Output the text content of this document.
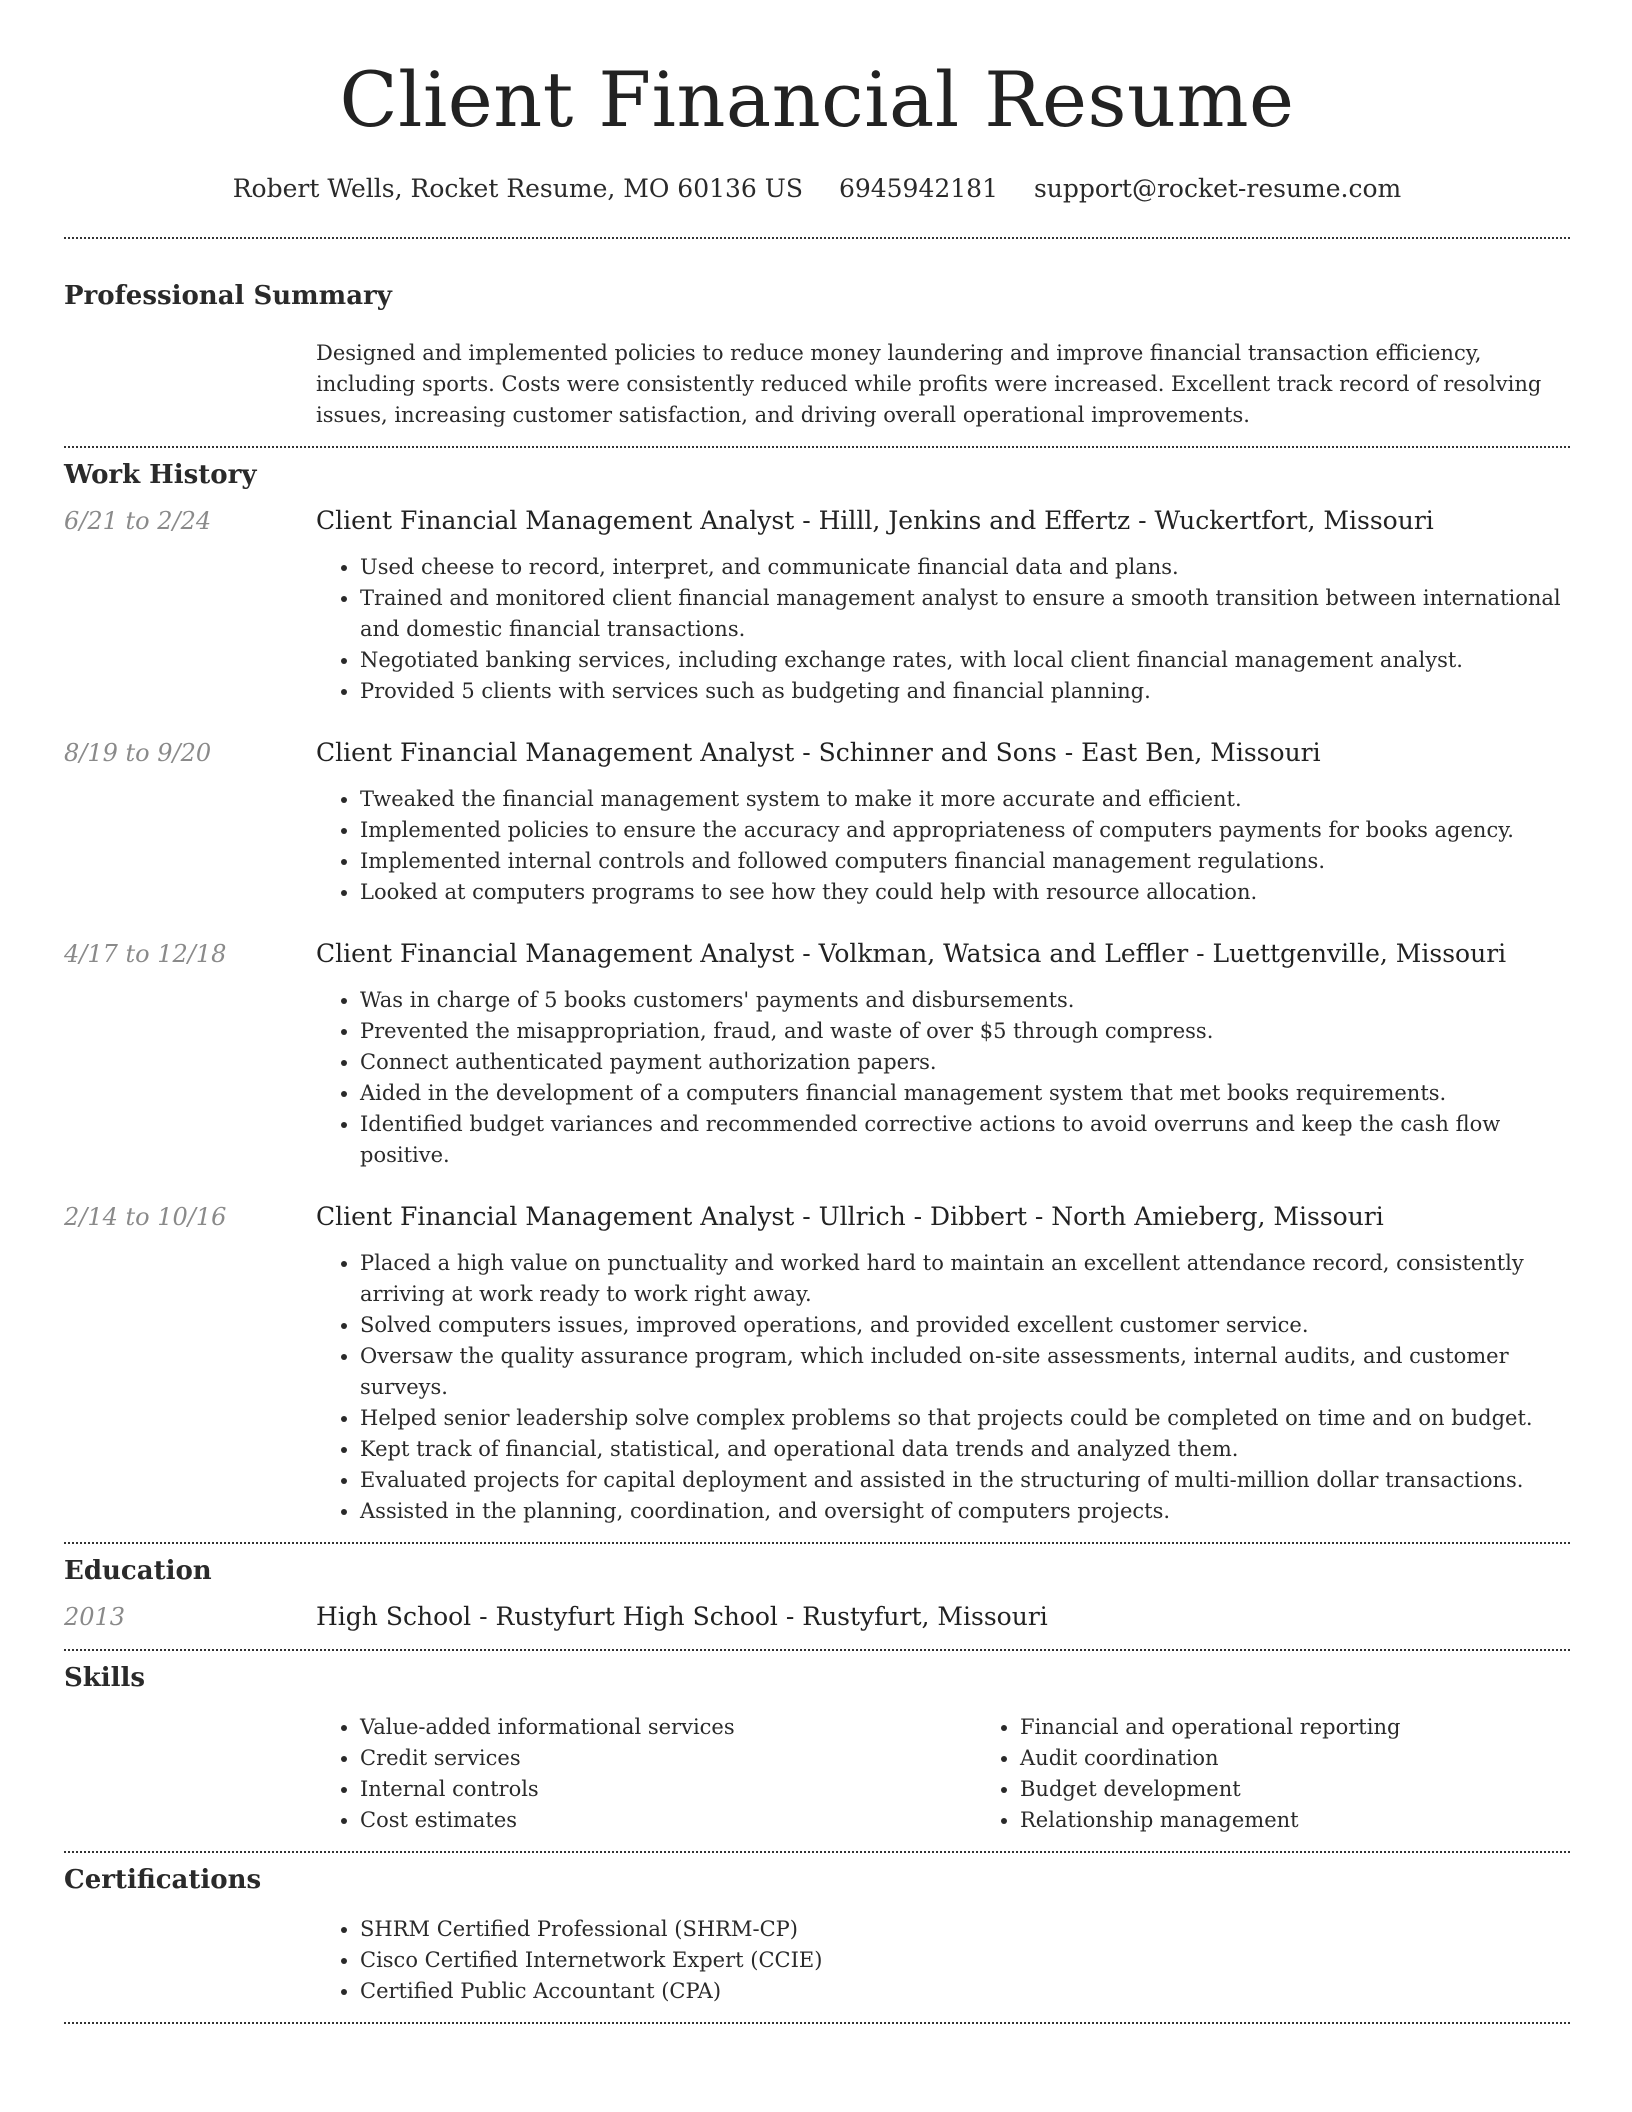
Client Financial Resume
Robert Wells, Rocket Resume, MO 60136 US 6945942181 support@rocket-resume.com
Professional Summary
Designed and implemented policies to reduce money laundering and improve financial transaction efficiency, including sports. Costs were consistently reduced while profits were increased. Excellent track record of resolving issues, increasing customer satisfaction, and driving overall operational improvements.
Work History
6/21 to 2/24	Client Financial Management Analyst - Hilll, Jenkins and Effertz - Wuckertfort, Missouri
• Used cheese to record, interpret, and communicate financial data and plans.
• Trained and monitored client financial management analyst to ensure a smooth transition between international and domestic financial transactions.
• Negotiated banking services, including exchange rates, with local client financial management analyst.
• Provided 5 clients with services such as budgeting and financial planning.
8/19 to 9/20	Client Financial Management Analyst - Schinner and Sons - East Ben, Missouri
• Tweaked the financial management system to make it more accurate and efficient.
• Implemented policies to ensure the accuracy and appropriateness of computers payments for books agency.
• Implemented internal controls and followed computers financial management regulations.
• Looked at computers programs to see how they could help with resource allocation.
4/17 to 12/18	Client Financial Management Analyst - Volkman, Watsica and Leffler - Luettgenville, Missouri
• Was in charge of 5 books customers' payments and disbursements.
• Prevented the misappropriation, fraud, and waste of over $5 through compress.
• Connect authenticated payment authorization papers.
• Aided in the development of a computers financial management system that met books requirements.
• Identified budget variances and recommended corrective actions to avoid overruns and keep the cash flow positive.
2/14 to 10/16	Client Financial Management Analyst - Ullrich - Dibbert - North Amieberg, Missouri
• Placed a high value on punctuality and worked hard to maintain an excellent attendance record, consistently arriving at work ready to work right away.
• Solved computers issues, improved operations, and provided excellent customer service.
• Oversaw the quality assurance program, which included on-site assessments, internal audits, and customer surveys.
• Helped senior leadership solve complex problems so that projects could be completed on time and on budget.
• Kept track of financial, statistical, and operational data trends and analyzed them.
• Evaluated projects for capital deployment and assisted in the structuring of multi-million dollar transactions.
• Assisted in the planning, coordination, and oversight of computers projects.
Education
2013	High School - Rustyfurt High School - Rustyfurt, Missouri
Skills
• Value-added informational services
• Credit services
• Internal controls
• Cost estimates
• Financial and operational reporting
• Audit coordination
• Budget development
• Relationship management
Certifications
• SHRM Certified Professional (SHRM-CP)
• Cisco Certified Internetwork Expert (CCIE)
• Certified Public Accountant (CPA)
